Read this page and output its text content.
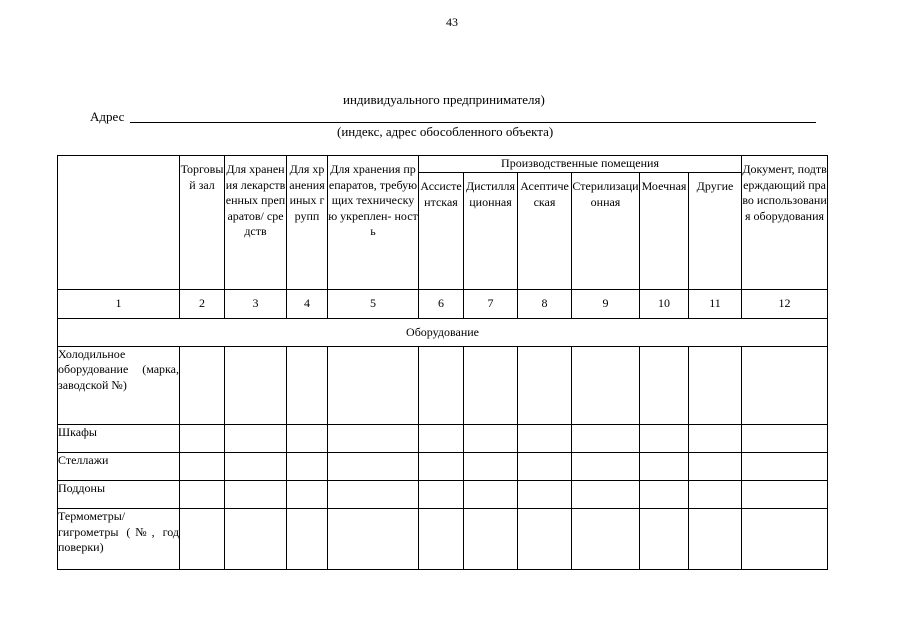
43
индивидуального предпринимателя)
Адрес
(индекс, адрес обособленного объекта)
	Торговый зал	Для хранения лекарственных препаратов/ средств	Для хранения иных групп	Для хранения препаратов, требующих техническую укреплен- ность	Производственные помещения						Документ, подтверждающий право использования оборудования
					Ассистентская	Дистилляционная	Асептическая	Стерилизационная	Моечная	Другие	
1	2	3	4	5	6	7	8	9	10	11	12
Оборудование											
Холодильное оборудование (марка, заводской №)											
Шкафы											
Стеллажи											
Поддоны											
Термометры/ гигрометры (№, год поверки)											
